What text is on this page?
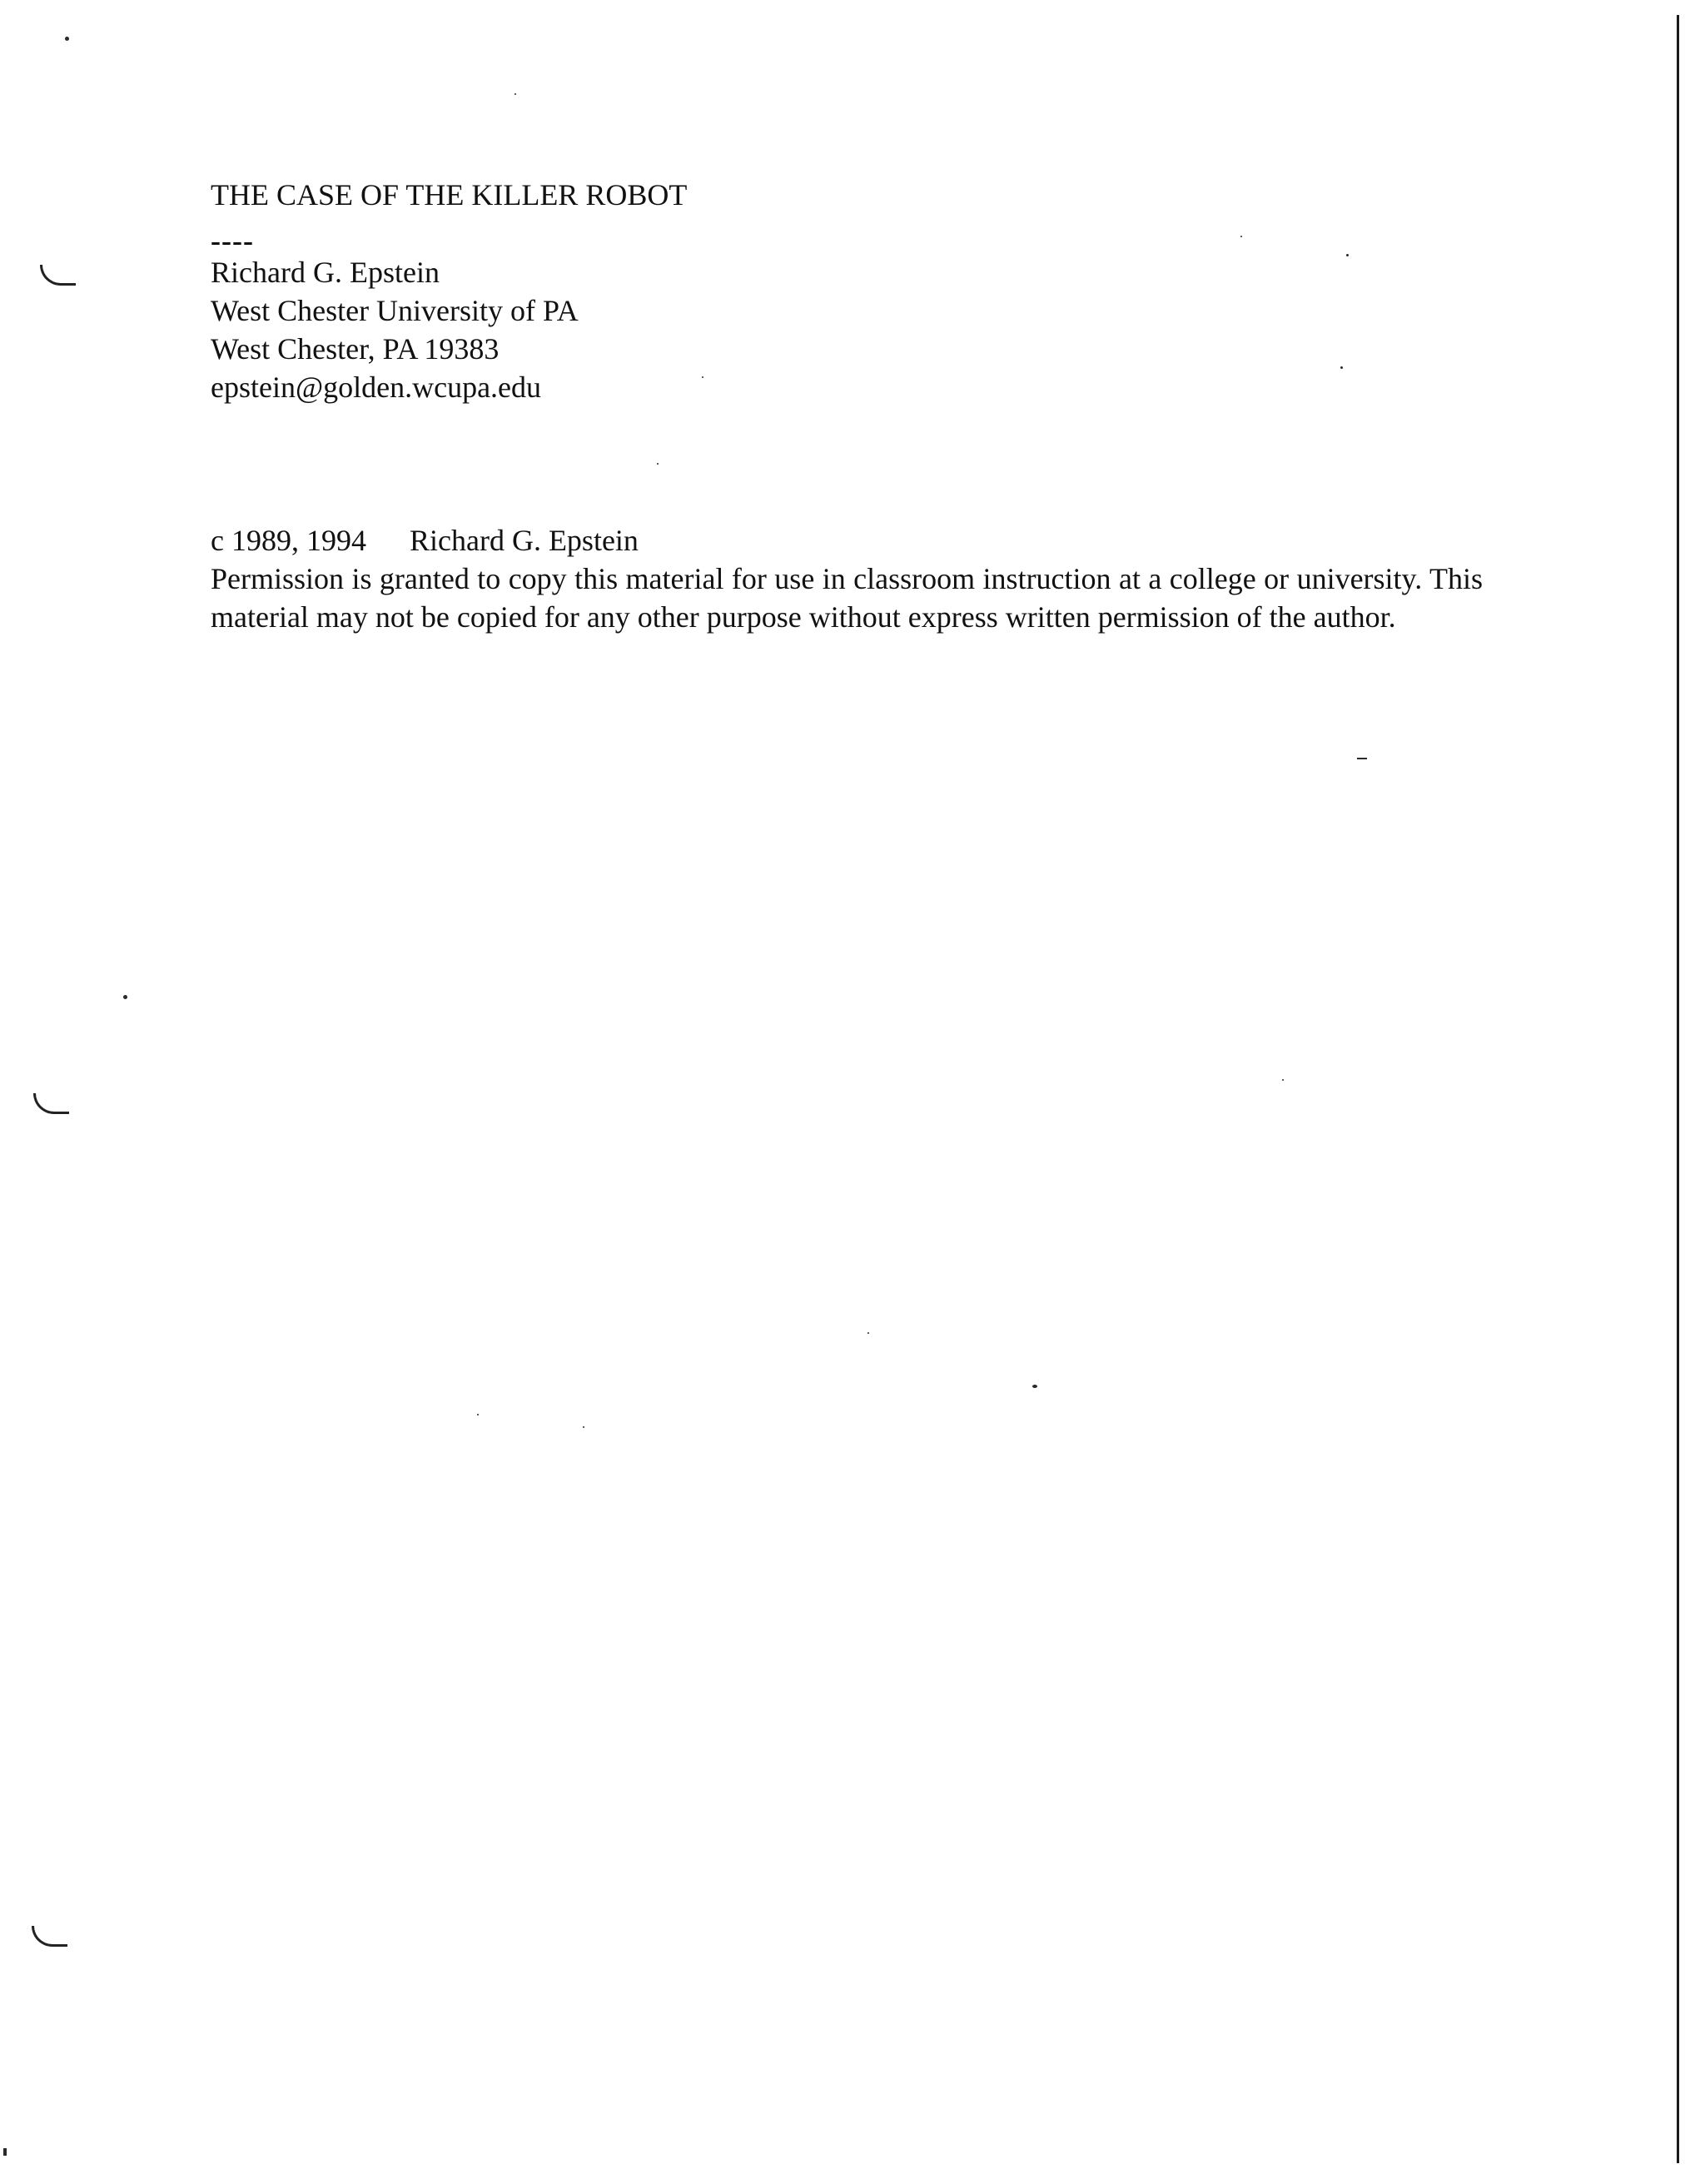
THE CASE OF THE KILLER ROBOT
----
Richard G. Epstein
West Chester University of PA
West Chester, PA 19383
epstein@golden.wcupa.edu
c 1989, 1994 Richard G. Epstein
Permission is granted to copy this material for use in classroom instruction at a college or university. This material may not be copied for any other purpose without express written permission of the author.
